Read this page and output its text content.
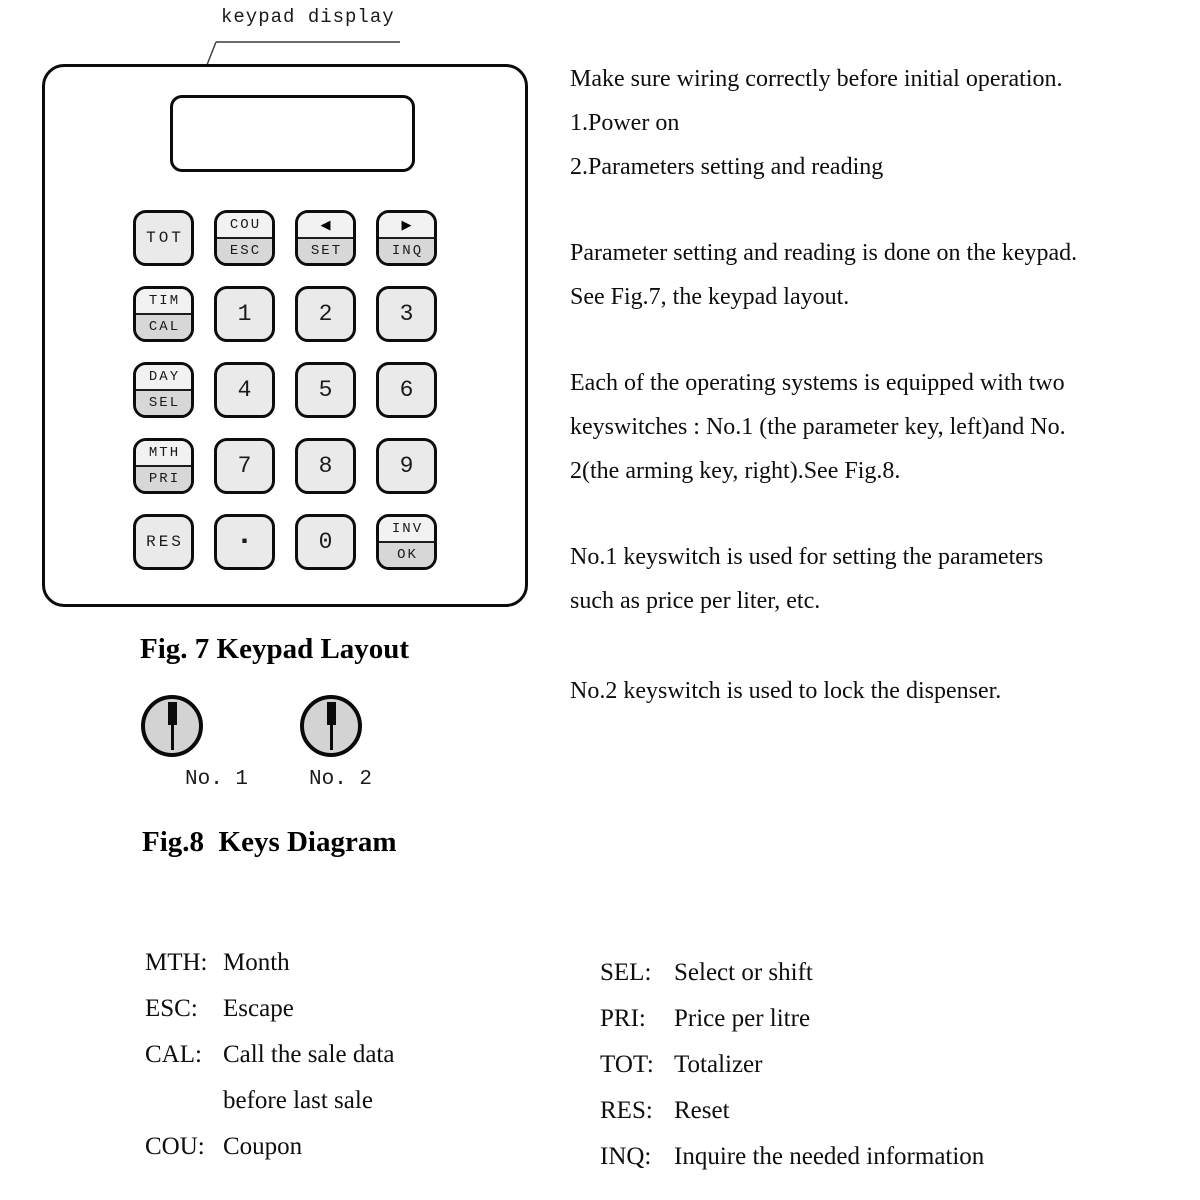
keypad display
TOT
COU
ESC
◀
SET
▶
INQ
TIM
CAL	1	2	3
DAY
SEL	4	5	6
MTH
PRI	7	8	9
RES ·	0	INV
OK
Fig. 7 Keypad Layout
No. 1	No. 2
Fig.8  Keys Diagram
Make sure wiring correctly before initial operation.
1.Power on
2.Parameters setting and reading
Parameter setting and reading is done on the keypad.
See Fig.7, the keypad layout.
Each of the operating systems is equipped with two
keyswitches : No.1 (the parameter key, left)and No.
2(the arming key, right).See Fig.8.
No.1 keyswitch is used for setting the parameters
such as price per liter, etc.
No.2 keyswitch is used to lock the dispenser.
MTH: Month
ESC:	Escape
CAL: Call the sale data
before last sale
COU: Coupon
SEL: Select or shift
PRI:	Price per litre
TOT: Totalizer
RES: Reset
INQ: Inquire the needed information
